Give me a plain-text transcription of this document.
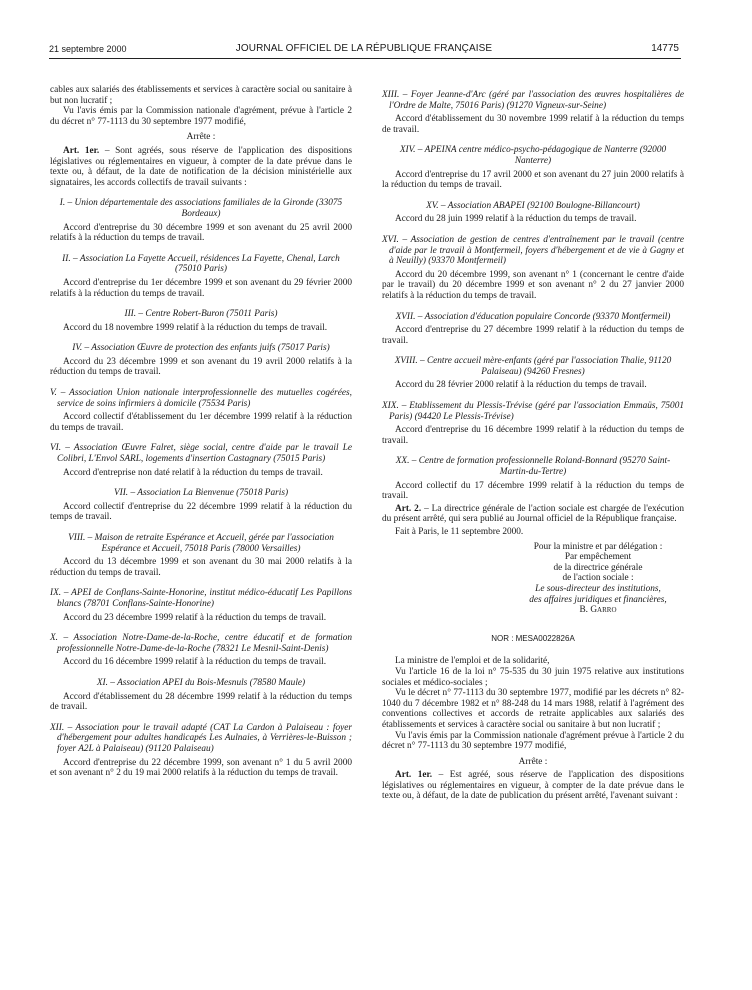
21 septembre 2000	JOURNAL OFFICIEL DE LA RÉPUBLIQUE FRANÇAISE	14775

cables aux salariés des établissements et services à caractère social ou sanitaire à but non lucratif ;

Vu l'avis émis par la Commission nationale d'agrément, prévue à l'article 2 du décret n° 77-1113 du 30 septembre 1977 modifié,

Arrête :

Art. 1er. – Sont agréés, sous réserve de l'application des dispositions législatives ou réglementaires en vigueur, à compter de la date prévue dans le texte ou, à défaut, de la date de notification de la décision ministérielle aux signataires, les accords collectifs de travail suivants :

I. – Union départementale des associations familiales de la Gironde (33075 Bordeaux)

Accord d'entreprise du 30 décembre 1999 et son avenant du 25 avril 2000 relatifs à la réduction du temps de travail.

II. – Association La Fayette Accueil, résidences La Fayette, Chenal, Larch (75010 Paris)

Accord d'entreprise du 1er décembre 1999 et son avenant du 29 février 2000 relatifs à la réduction du temps de travail.

III. – Centre Robert-Buron (75011 Paris)

Accord du 18 novembre 1999 relatif à la réduction du temps de travail.

IV. – Association Œuvre de protection des enfants juifs (75017 Paris)

Accord du 23 décembre 1999 et son avenant du 19 avril 2000 relatifs à la réduction du temps de travail.

V. – Association Union nationale interprofessionnelle des mutuelles cogérées, service de soins infirmiers à domicile (75534 Paris)

Accord collectif d'établissement du 1er décembre 1999 relatif à la réduction du temps de travail.

VI. – Association Œuvre Falret, siège social, centre d'aide par le travail Le Colibri, L'Envol SARL, logements d'insertion Castagnary (75015 Paris)

Accord d'entreprise non daté relatif à la réduction du temps de travail.

VII. – Association La Bienvenue (75018 Paris)

Accord collectif d'entreprise du 22 décembre 1999 relatif à la réduction du temps de travail.

VIII. – Maison de retraite Espérance et Accueil, gérée par l'association Espérance et Accueil, 75018 Paris (78000 Versailles)

Accord du 13 décembre 1999 et son avenant du 30 mai 2000 relatifs à la réduction du temps de travail.

IX. – APEI de Conflans-Sainte-Honorine, institut médico-éducatif Les Papillons blancs (78701 Conflans-Sainte-Honorine)

Accord du 23 décembre 1999 relatif à la réduction du temps de travail.

X. – Association Notre-Dame-de-la-Roche, centre éducatif et de formation professionnelle Notre-Dame-de-la-Roche (78321 Le Mesnil-Saint-Denis)

Accord du 16 décembre 1999 relatif à la réduction du temps de travail.

XI. – Association APEI du Bois-Mesnuls (78580 Maule)

Accord d'établissement du 28 décembre 1999 relatif à la réduction du temps de travail.

XII. – Association pour le travail adapté (CAT La Cardon à Palaiseau : foyer d'hébergement pour adultes handicapés Les Aulnaies, à Verrières-le-Buisson ; foyer A2L à Palaiseau) (91120 Palaiseau)

Accord d'entreprise du 22 décembre 1999, son avenant n° 1 du 5 avril 2000 et son avenant n° 2 du 19 mai 2000 relatifs à la réduction du temps de travail.

XIII. – Foyer Jeanne-d'Arc (géré par l'association des œuvres hospitalières de l'Ordre de Malte, 75016 Paris) (91270 Vigneux-sur-Seine)

Accord d'établissement du 30 novembre 1999 relatif à la réduction du temps de travail.

XIV. – APEINA centre médico-psycho-pédagogique de Nanterre (92000 Nanterre)

Accord d'entreprise du 17 avril 2000 et son avenant du 27 juin 2000 relatifs à la réduction du temps de travail.

XV. – Association ABAPEI (92100 Boulogne-Billancourt)

Accord du 28 juin 1999 relatif à la réduction du temps de travail.

XVI. – Association de gestion de centres d'entraînement par le travail (centre d'aide par le travail à Montfermeil, foyers d'hébergement et de vie à Gagny et à Neuilly) (93370 Montfermeil)

Accord du 20 décembre 1999, son avenant n° 1 (concernant le centre d'aide par le travail) du 20 décembre 1999 et son avenant n° 2 du 27 janvier 2000 relatifs à la réduction du temps de travail.

XVII. – Association d'éducation populaire Concorde (93370 Montfermeil)

Accord d'entreprise du 27 décembre 1999 relatif à la réduction du temps de travail.

XVIII. – Centre accueil mère-enfants (géré par l'association Thalie, 91120 Palaiseau) (94260 Fresnes)

Accord du 28 février 2000 relatif à la réduction du temps de travail.

XIX. – Etablissement du Plessis-Trévise (géré par l'association Emmaüs, 75001 Paris) (94420 Le Plessis-Trévise)

Accord d'entreprise du 16 décembre 1999 relatif à la réduction du temps de travail.

XX. – Centre de formation professionnelle Roland-Bonnard (95270 Saint-Martin-du-Tertre)

Accord collectif du 17 décembre 1999 relatif à la réduction du temps de travail.

Art. 2. – La directrice générale de l'action sociale est chargée de l'exécution du présent arrêté, qui sera publié au Journal officiel de la République française.

Fait à Paris, le 11 septembre 2000.

Pour la ministre et par délégation :

Par empêchement

de la directrice générale

de l'action sociale :

Le sous-directeur des institutions,

des affaires juridiques et financières,

B. Garro

NOR : MESA0022826A

La ministre de l'emploi et de la solidarité,

Vu l'article 16 de la loi n° 75-535 du 30 juin 1975 relative aux institutions sociales et médico-sociales ;

Vu le décret n° 77-1113 du 30 septembre 1977, modifié par les décrets n° 82-1040 du 7 décembre 1982 et n° 88-248 du 14 mars 1988, relatif à l'agrément des conventions collectives et accords de retraite applicables aux salariés des établissements et services à caractère social ou sanitaire à but non lucratif ;

Vu l'avis émis par la Commission nationale d'agrément prévue à l'article 2 du décret n° 77-1113 du 30 septembre 1977 modifié,

Arrête :

Art. 1er. – Est agréé, sous réserve de l'application des dispositions législatives ou réglementaires en vigueur, à compter de la date prévue dans le texte ou, à défaut, de la date de publication du présent arrêté, l'avenant suivant :
